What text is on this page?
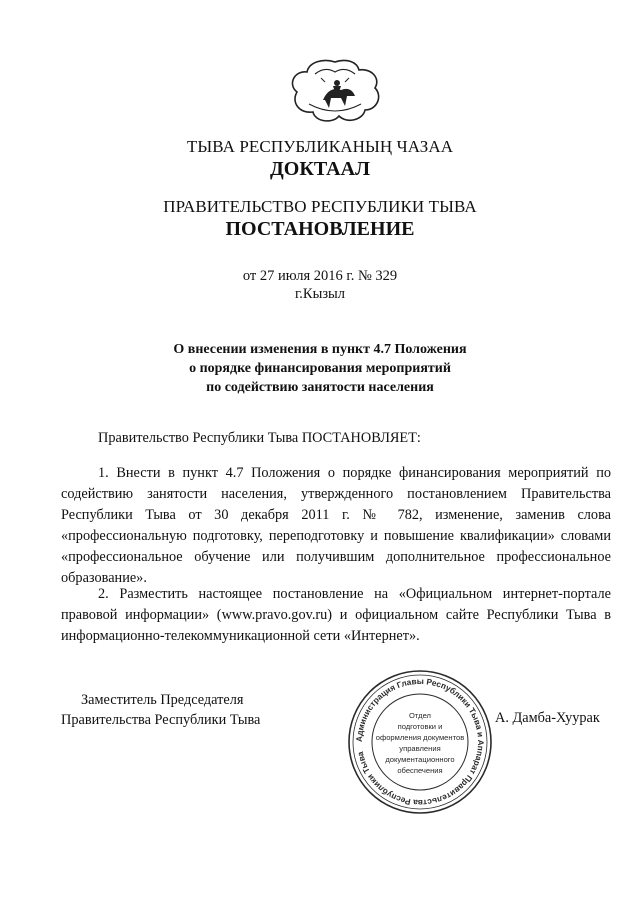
ТЫВА РЕСПУБЛИКАНЫҢ ЧАЗАА
ДОКТААЛ
ПРАВИТЕЛЬСТВО РЕСПУБЛИКИ ТЫВА
ПОСТАНОВЛЕНИЕ
от 27 июля 2016 г. № 329
г.Кызыл
О внесении изменения в пункт 4.7 Положения
о порядке финансирования мероприятий
по содействию занятости населения
Правительство Республики Тыва ПОСТАНОВЛЯЕТ:
1. Внести в пункт 4.7 Положения о порядке финансирования мероприятий по содействию занятости населения, утвержденного постановлением Правительства Республики Тыва от 30 декабря 2011 г. № 782, изменение, заменив слова «профессиональную подготовку, переподготовку и повышение квалификации» словами «профессиональное обучение или получившим дополнительное профессиональное образование».
2. Разместить настоящее постановление на «Официальном интернет-портале правовой информации» (www.pravo.gov.ru) и официальном сайте Республики Тыва в информационно-телекоммуникационной сети «Интернет».
Заместитель Председателя
Правительства Республики Тыва
Администрация Главы Республики Тыва и Аппарат Правительства Республики Тыва
Отдел
подготовки и
оформления документов
управления
документационного
обеспечения
А. Дамба-Хуурак
